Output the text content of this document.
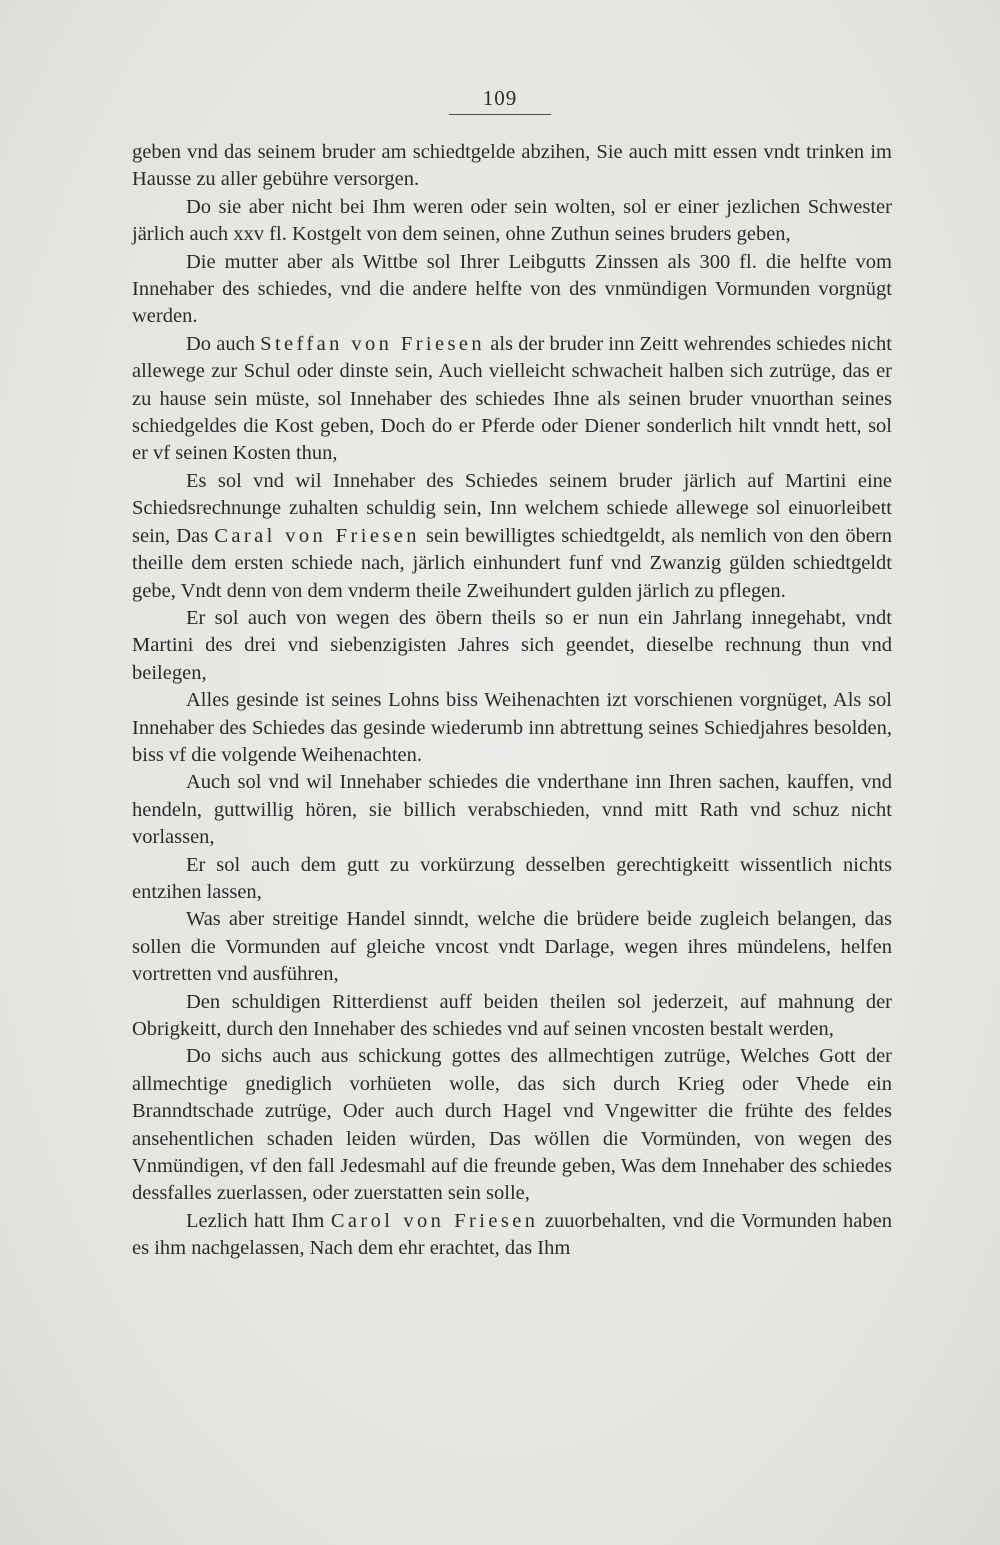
109

geben vnd das seinem bruder am schiedtgelde abzihen, Sie auch mitt essen vndt trinken im Hausse zu aller gebühre versorgen.

Do sie aber nicht bei Ihm weren oder sein wolten, sol er einer jezlichen Schwester järlich auch xxv fl. Kostgelt von dem seinen, ohne Zuthun seines bruders geben,

Die mutter aber als Wittbe sol Ihrer Leibgutts Zinssen als 300 fl. die helfte vom Innehaber des schiedes, vnd die andere helfte von des vnmündigen Vormunden vorgnügt werden.

Do auch Steffan von Friesen als der bruder inn Zeitt wehrendes schiedes nicht allewege zur Schul oder dinste sein, Auch vielleicht schwacheit halben sich zutrüge, das er zu hause sein müste, sol Innehaber des schiedes Ihne als seinen bruder vnuorthan seines schiedgeldes die Kost geben, Doch do er Pferde oder Diener sonderlich hilt vnndt hett, sol er vf seinen Kosten thun,

Es sol vnd wil Innehaber des Schiedes seinem bruder järlich auf Martini eine Schiedsrechnunge zuhalten schuldig sein, Inn welchem schiede allewege sol einuorleibett sein, Das Caral von Friesen sein bewilligtes schiedtgeldt, als nemlich von den öbern theille dem ersten schiede nach, järlich einhundert funf vnd Zwanzig gülden schiedtgeldt gebe, Vndt denn von dem vnderm theile Zweihundert gulden järlich zu pflegen.

Er sol auch von wegen des öbern theils so er nun ein Jahrlang innegehabt, vndt Martini des drei vnd siebenzigisten Jahres sich geendet, dieselbe rechnung thun vnd beilegen,

Alles gesinde ist seines Lohns biss Weihenachten izt vorschienen vorgnüget, Als sol Innehaber des Schiedes das gesinde wiederumb inn abtrettung seines Schiedjahres besolden, biss vf die volgende Weihenachten.

Auch sol vnd wil Innehaber schiedes die vnderthane inn Ihren sachen, kauffen, vnd hendeln, guttwillig hören, sie billich verabschieden, vnnd mitt Rath vnd schuz nicht vorlassen,

Er sol auch dem gutt zu vorkürzung desselben gerechtigkeitt wissentlich nichts entzihen lassen,

Was aber streitige Handel sinndt, welche die brüdere beide zugleich belangen, das sollen die Vormunden auf gleiche vncost vndt Darlage, wegen ihres mündelens, helfen vortretten vnd ausführen,

Den schuldigen Ritterdienst auff beiden theilen sol jederzeit, auf mahnung der Obrigkeitt, durch den Innehaber des schiedes vnd auf seinen vncosten bestalt werden,

Do sichs auch aus schickung gottes des allmechtigen zutrüge, Welches Gott der allmechtige gnediglich vorhüeten wolle, das sich durch Krieg oder Vhede ein Branndtschade zutrüge, Oder auch durch Hagel vnd Vngewitter die frühte des feldes ansehentlichen schaden leiden würden, Das wöllen die Vormünden, von wegen des Vnmündigen, vf den fall Jedesmahl auf die freunde geben, Was dem Innehaber des schiedes dessfalles zuerlassen, oder zuerstatten sein solle,

Lezlich hatt Ihm Carol von Friesen zuuorbehalten, vnd die Vormunden haben es ihm nachgelassen, Nach dem ehr erachtet, das Ihm
